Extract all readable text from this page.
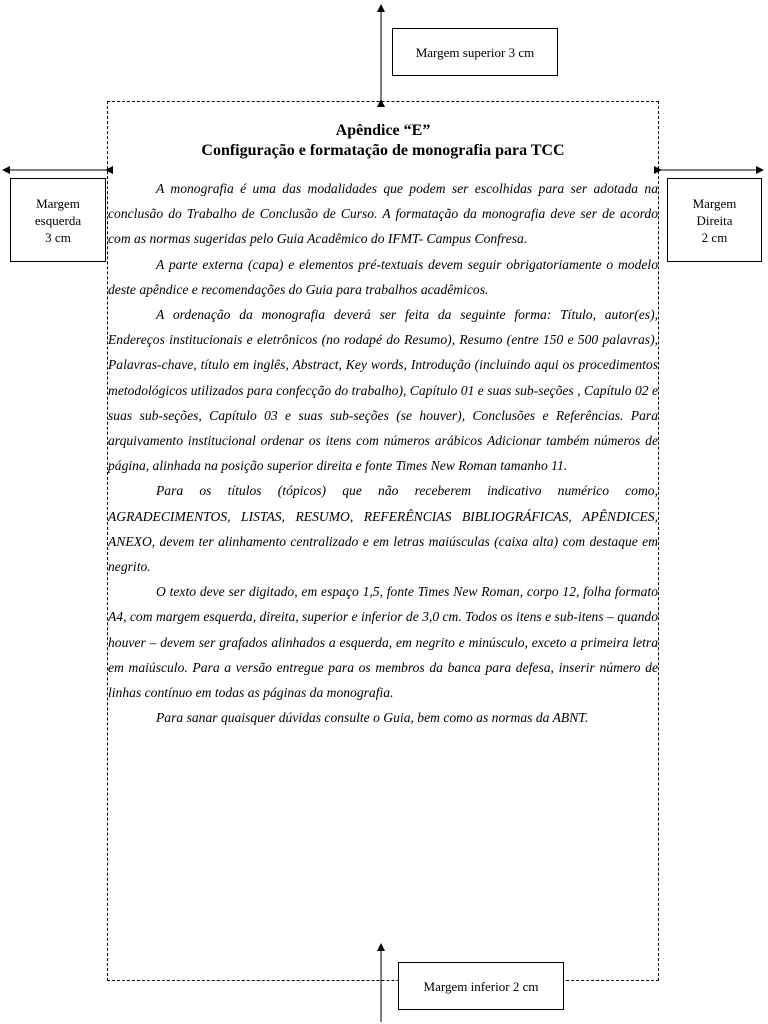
Margem superior 3 cm
Margem
esquerda
3 cm
Margem
Direita
2 cm
Margem inferior 2 cm
Apêndice “E”
Configuração e formatação de monografia para TCC

A monografia é uma das modalidades que podem ser escolhidas para ser adotada na conclusão do Trabalho de Conclusão de Curso. A formatação da monografia deve ser de acordo com as normas sugeridas pelo Guia Acadêmico do IFMT- Campus Confresa.

A parte externa (capa) e elementos pré-textuais devem seguir obrigatoriamente o modelo deste apêndice e recomendações do Guia para trabalhos acadêmicos.

A ordenação da monografia deverá ser feita da seguinte forma: Título, autor(es), Endereços institucionais e eletrônicos (no rodapé do Resumo), Resumo (entre 150 e 500 palavras), Palavras-chave, título em inglês, Abstract, Key words, Introdução (incluindo aqui os procedimentos metodológicos utilizados para confecção do trabalho), Capítulo 01 e suas sub-seções , Capítulo 02 e suas sub-seções, Capítulo 03 e suas sub-seções (se houver), Conclusões e Referências. Para arquivamento institucional ordenar os itens com números arábicos Adicionar também números de página, alinhada na posição superior direita e fonte Times New Roman tamanho 11.

Para os títulos (tópicos) que não receberem indicativo numérico como, AGRADECIMENTOS, LISTAS, RESUMO, REFERÊNCIAS BIBLIOGRÁFICAS, APÊNDICES, ANEXO, devem ter alinhamento centralizado e em letras maiúsculas (caixa alta) com destaque em negrito.

O texto deve ser digitado, em espaço 1,5, fonte Times New Roman, corpo 12, folha formato A4, com margem esquerda, direita, superior e inferior de 3,0 cm. Todos os itens e sub-itens – quando houver – devem ser grafados alinhados a esquerda, em negrito e minúsculo, exceto a primeira letra em maiúsculo. Para a versão entregue para os membros da banca para defesa, inserir número de linhas contínuo em todas as páginas da monografia.

Para sanar quaisquer dúvidas consulte o Guia, bem como as normas da ABNT.
